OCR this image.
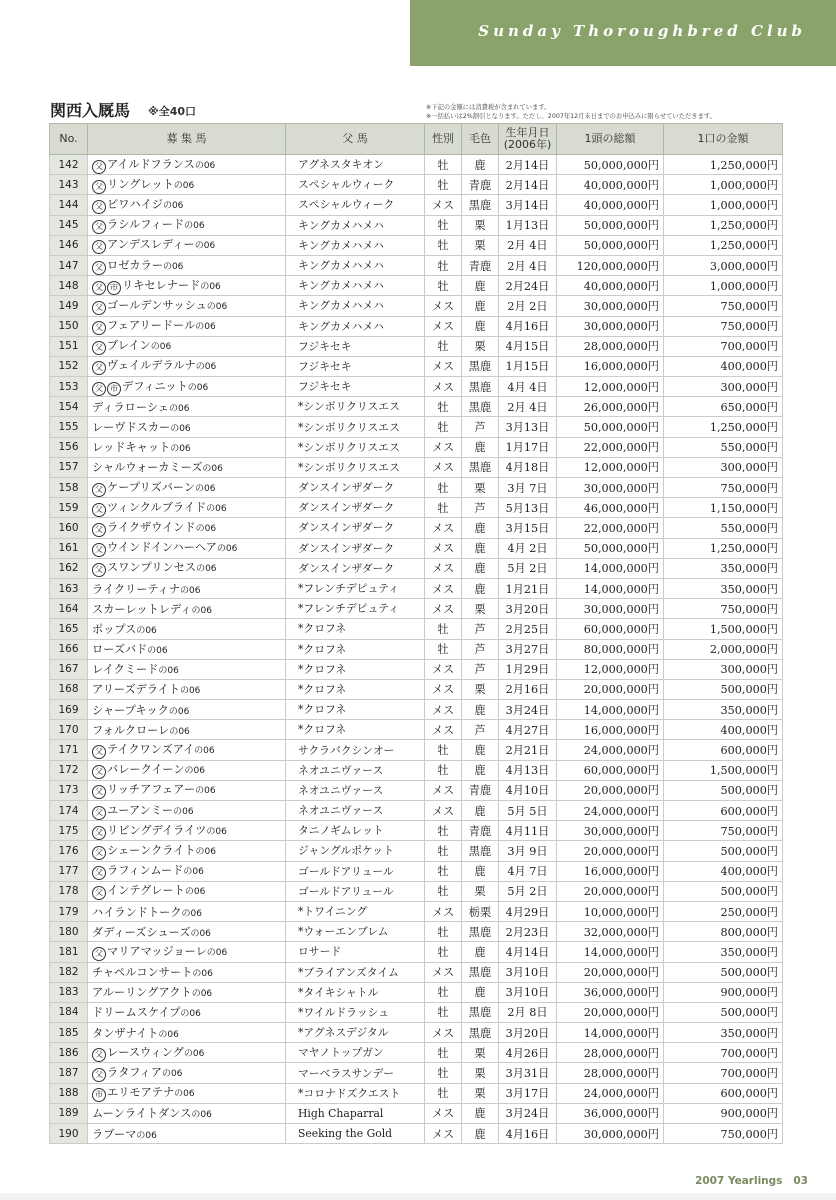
Sunday Thoroughbred Club
関西入厩馬 ※全40口	※下記の金額には消費税が含まれています。
※一括払いは2%割引となります。ただし、2007年12月末日までのお申込みに限らせていただきます。
No.	募 集 馬	父 馬	性別	毛色	生年月日
(2006年)	1頭の総額	1口の金額
142	父 アイルドフランスの06	アグネスタキオン	牡	鹿	2月14日	50,000,000円	1,250,000円
143	父 リングレットの06	スペシャルウィーク	牡	青鹿	2月14日	40,000,000円	1,000,000円
144	父 ビワハイジの06	スペシャルウィーク	メス	黒鹿	3月14日	40,000,000円	1,000,000円
145	父 ラシルフィードの06	キングカメハメハ	牡	栗	1月13日	50,000,000円	1,250,000円
146	父 アンデスレディーの06	キングカメハメハ	牡	栗	2月 4日	50,000,000円	1,250,000円
147	父 ロゼカラーの06	キングカメハメハ	牡	青鹿	2月 4日	120,000,000円	3,000,000円
148	父 市 リキセレナードの06	キングカメハメハ	牡	鹿	2月24日	40,000,000円	1,000,000円
149	父 ゴールデンサッシュの06	キングカメハメハ	メス	鹿	2月 2日	30,000,000円	750,000円
150	父 フェアリードールの06	キングカメハメハ	メス	鹿	4月16日	30,000,000円	750,000円
151	父 ブレインの06	フジキセキ	牡	栗	4月15日	28,000,000円	700,000円
152	父 ヴェイルデラルナの06	フジキセキ	メス	黒鹿	1月15日	16,000,000円	400,000円
153	父 市 デフィニットの06	フジキセキ	メス	黒鹿	4月 4日	12,000,000円	300,000円
154	ディラローシェの06	*シンボリクリスエス	牡	黒鹿	2月 4日	26,000,000円	650,000円
155	レーヴドスカーの06	*シンボリクリスエス	牡	芦	3月13日	50,000,000円	1,250,000円
156	レッドキャットの06	*シンボリクリスエス	メス	鹿	1月17日	22,000,000円	550,000円
157	シャルウォーカミーズの06	*シンボリクリスエス	メス	黒鹿	4月18日	12,000,000円	300,000円
158	父 ケープリズバーンの06	ダンスインザダーク	牡	栗	3月 7日	30,000,000円	750,000円
159	父 ツィンクルブライドの06	ダンスインザダーク	牡	芦	5月13日	46,000,000円	1,150,000円
160	父 ライクザウインドの06	ダンスインザダーク	メス	鹿	3月15日	22,000,000円	550,000円
161	父 ウインドインハーヘアの06	ダンスインザダーク	メス	鹿	4月 2日	50,000,000円	1,250,000円
162	父 スワンプリンセスの06	ダンスインザダーク	メス	鹿	5月 2日	14,000,000円	350,000円
163	ライクリーティナの06	*フレンチデピュティ	メス	鹿	1月21日	14,000,000円	350,000円
164	スカーレットレディの06	*フレンチデピュティ	メス	栗	3月20日	30,000,000円	750,000円
165	ポップスの06	*クロフネ	牡	芦	2月25日	60,000,000円	1,500,000円
166	ローズバドの06	*クロフネ	牡	芦	3月27日	80,000,000円	2,000,000円
167	レイクミードの06	*クロフネ	メス	芦	1月29日	12,000,000円	300,000円
168	アリーズデライトの06	*クロフネ	メス	栗	2月16日	20,000,000円	500,000円
169	シャープキックの06	*クロフネ	メス	鹿	3月24日	14,000,000円	350,000円
170	フォルクローレの06	*クロフネ	メス	芦	4月27日	16,000,000円	400,000円
171	父 テイクワンズアイの06	サクラバクシンオー	牡	鹿	2月21日	24,000,000円	600,000円
172	父 バレークイーンの06	ネオユニヴァース	牡	鹿	4月13日	60,000,000円	1,500,000円
173	父 リッチアフェアーの06	ネオユニヴァース	メス	青鹿	4月10日	20,000,000円	500,000円
174	父 ユーアンミーの06	ネオユニヴァース	メス	鹿	5月 5日	24,000,000円	600,000円
175	父 リビングデイライツの06	タニノギムレット	牡	青鹿	4月11日	30,000,000円	750,000円
176	父 シェーンクライトの06	ジャングルポケット	牡	黒鹿	3月 9日	20,000,000円	500,000円
177	父 ラフィンムードの06	ゴールドアリュール	牡	鹿	4月 7日	16,000,000円	400,000円
178	父 インテグレートの06	ゴールドアリュール	牡	栗	5月 2日	20,000,000円	500,000円
179	ハイランドトークの06	*トワイニング	メス	栃栗	4月29日	10,000,000円	250,000円
180	ダディーズシューズの06	*ウォーエンブレム	牡	黒鹿	2月23日	32,000,000円	800,000円
181	父 マリアマッジョーレの06	ロサード	牡	鹿	4月14日	14,000,000円	350,000円
182	チャペルコンサートの06	*ブライアンズタイム	メス	黒鹿	3月10日	20,000,000円	500,000円
183	アルーリングアクトの06	*タイキシャトル	牡	鹿	3月10日	36,000,000円	900,000円
184	ドリームスケイプの06	*ワイルドラッシュ	牡	黒鹿	2月 8日	20,000,000円	500,000円
185	タンザナイトの06	*アグネスデジタル	メス	黒鹿	3月20日	14,000,000円	350,000円
186	父 レースウィングの06	マヤノトップガン	牡	栗	4月26日	28,000,000円	700,000円
187	父 ラタフィアの06	マーベラスサンデー	牡	栗	3月31日	28,000,000円	700,000円
188	市 エリモアテナの06	*コロナドズクエスト	牡	栗	3月17日	24,000,000円	600,000円
189	ムーンライトダンスの06	High Chaparral	メス	鹿	3月24日	36,000,000円	900,000円
190	ラブーマの06	Seeking the Gold	メス	鹿	4月16日	30,000,000円	750,000円
2007 Yearlings 03
